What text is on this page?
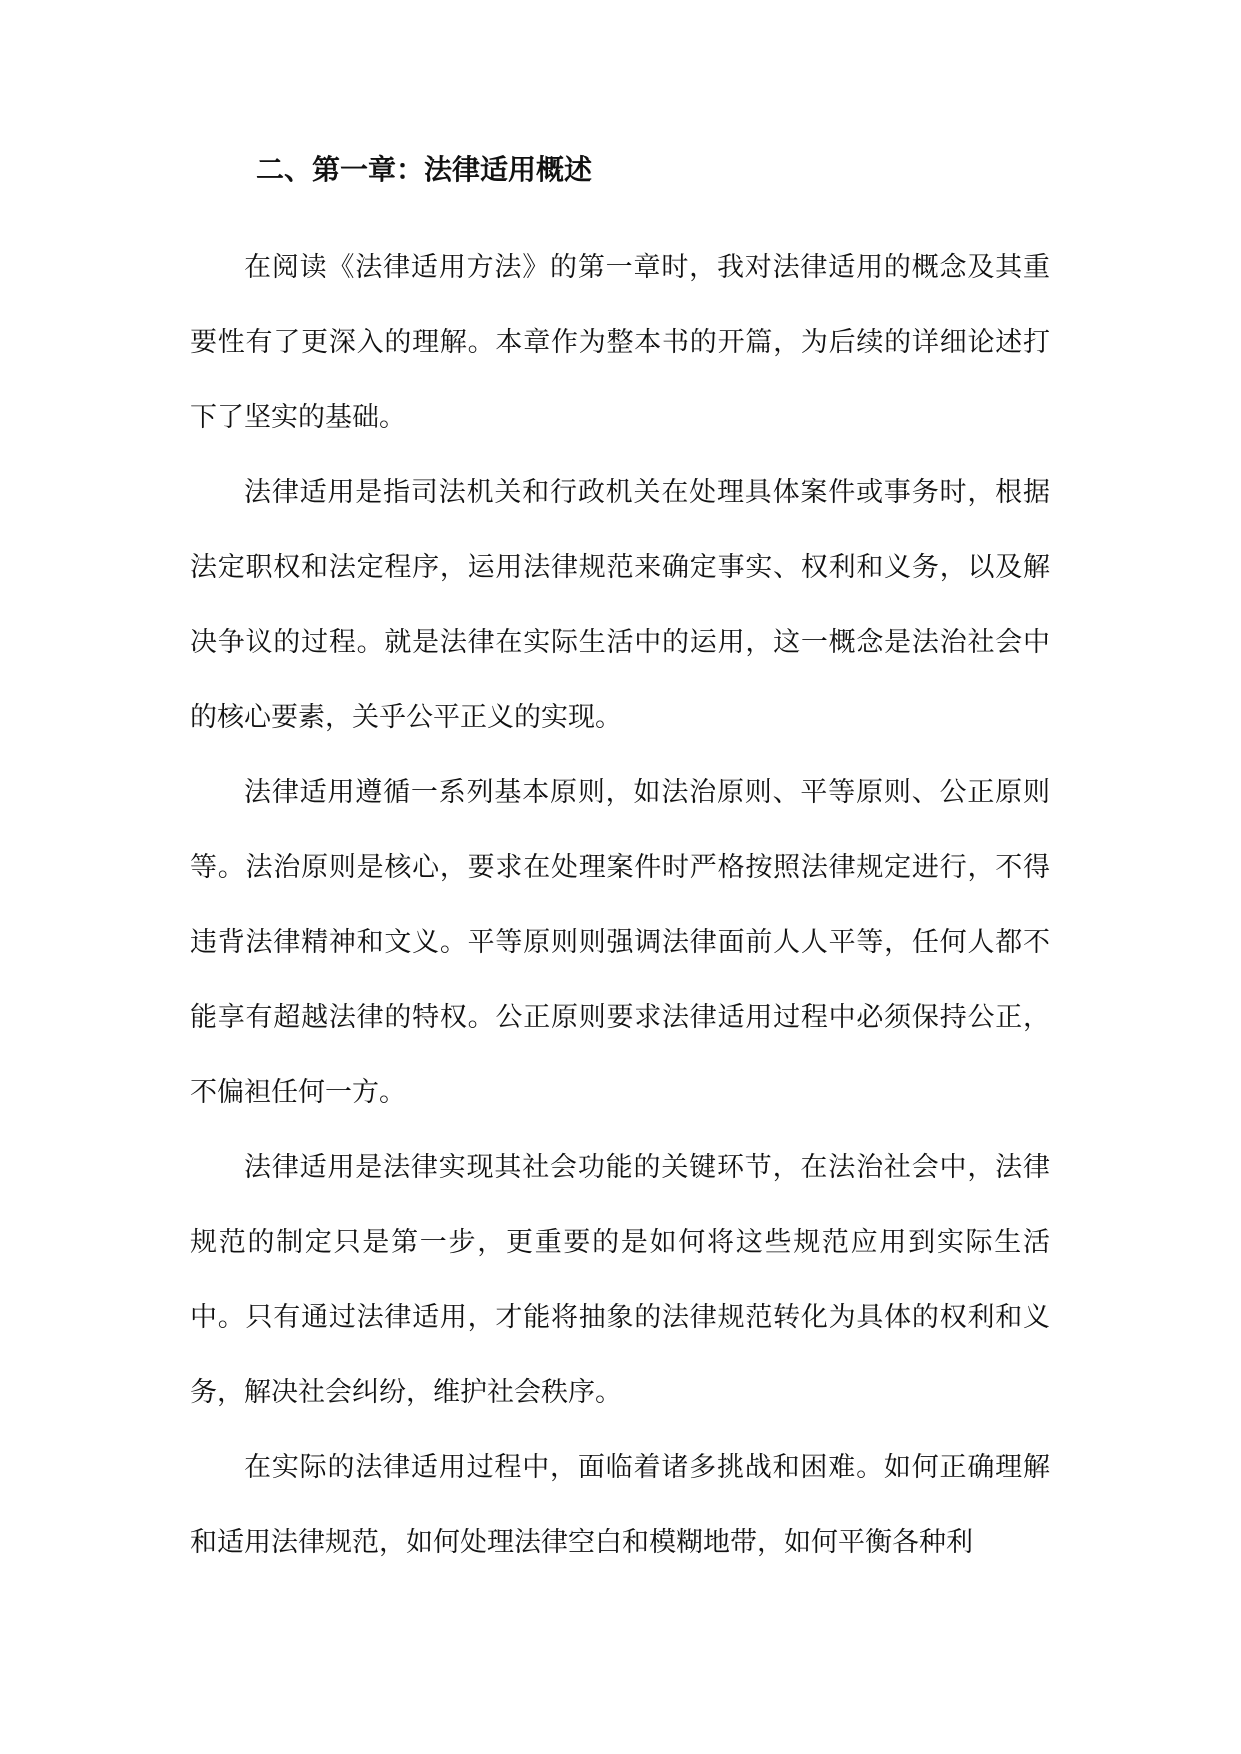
二、第一章：法律适用概述

在阅读《法律适用方法》的第一章时，我对法律适用的概念及其重要性有了更深入的理解。本章作为整本书的开篇，为后续的详细论述打下了坚实的基础。

法律适用是指司法机关和行政机关在处理具体案件或事务时，根据法定职权和法定程序，运用法律规范来确定事实、权利和义务，以及解决争议的过程。就是法律在实际生活中的运用，这一概念是法治社会中的核心要素，关乎公平正义的实现。

法律适用遵循一系列基本原则，如法治原则、平等原则、公正原则等。法治原则是核心，要求在处理案件时严格按照法律规定进行，不得违背法律精神和文义。平等原则则强调法律面前人人平等，任何人都不能享有超越法律的特权。公正原则要求法律适用过程中必须保持公正，不偏袒任何一方。

法律适用是法律实现其社会功能的关键环节，在法治社会中，法律规范的制定只是第一步，更重要的是如何将这些规范应用到实际生活中。只有通过法律适用，才能将抽象的法律规范转化为具体的权利和义务，解决社会纠纷，维护社会秩序。

在实际的法律适用过程中，面临着诸多挑战和困难。如何正确理解和适用法律规范，如何处理法律空白和模糊地带，如何平衡各种利
